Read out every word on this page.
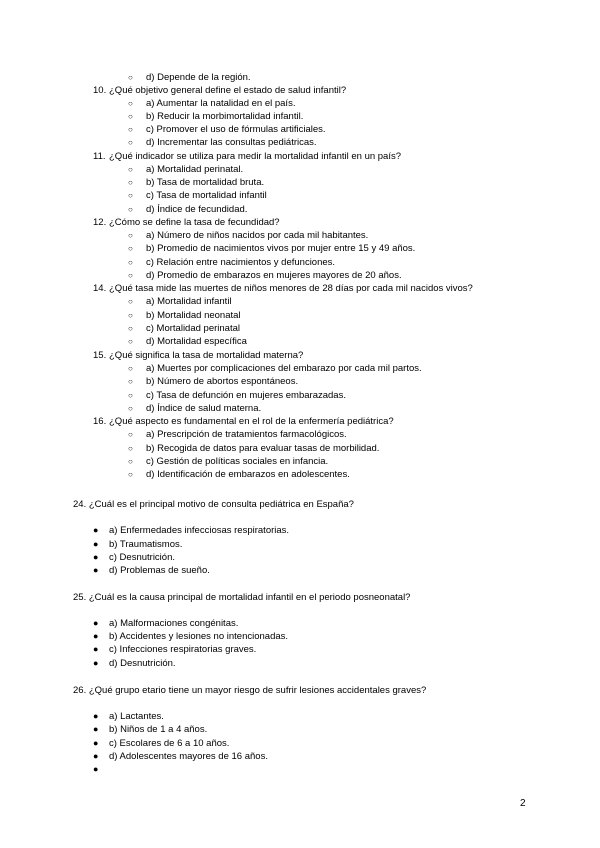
○ d) Depende de la región.
10. ¿Qué objetivo general define el estado de salud infantil?
○ a) Aumentar la natalidad en el país.
○ b) Reducir la morbimortalidad infantil.
○ c) Promover el uso de fórmulas artificiales.
○ d) Incrementar las consultas pediátricas.
11. ¿Qué indicador se utiliza para medir la mortalidad infantil en un país?
○ a) Mortalidad perinatal.
○ b) Tasa de mortalidad bruta.
○ c) Tasa de mortalidad infantil
○ d) Índice de fecundidad.
12. ¿Cómo se define la tasa de fecundidad?
○ a) Número de niños nacidos por cada mil habitantes.
○ b) Promedio de nacimientos vivos por mujer entre 15 y 49 años.
○ c) Relación entre nacimientos y defunciones.
○ d) Promedio de embarazos en mujeres mayores de 20 años.
14. ¿Qué tasa mide las muertes de niños menores de 28 días por cada mil nacidos vivos?
○ a) Mortalidad infantil
○ b) Mortalidad neonatal
○ c) Mortalidad perinatal
○ d) Mortalidad específica
15. ¿Qué significa la tasa de mortalidad materna?
○ a) Muertes por complicaciones del embarazo por cada mil partos.
○ b) Número de abortos espontáneos.
○ c) Tasa de defunción en mujeres embarazadas.
○ d) Índice de salud materna.
16. ¿Qué aspecto es fundamental en el rol de la enfermería pediátrica?
○ a) Prescripción de tratamientos farmacológicos.
○ b) Recogida de datos para evaluar tasas de morbilidad.
○ c) Gestión de políticas sociales en infancia.
○ d) Identificación de embarazos en adolescentes.
24. ¿Cuál es el principal motivo de consulta pediátrica en España?
● a) Enfermedades infecciosas respiratorias.
● b) Traumatismos.
● c) Desnutrición.
● d) Problemas de sueño.
25. ¿Cuál es la causa principal de mortalidad infantil en el periodo posneonatal?
● a) Malformaciones congénitas.
● b) Accidentes y lesiones no intencionadas.
● c) Infecciones respiratorias graves.
● d) Desnutrición.
26. ¿Qué grupo etario tiene un mayor riesgo de sufrir lesiones accidentales graves?
● a) Lactantes.
● b) Niños de 1 a 4 años.
● c) Escolares de 6 a 10 años.
● d) Adolescentes mayores de 16 años.
●
2
